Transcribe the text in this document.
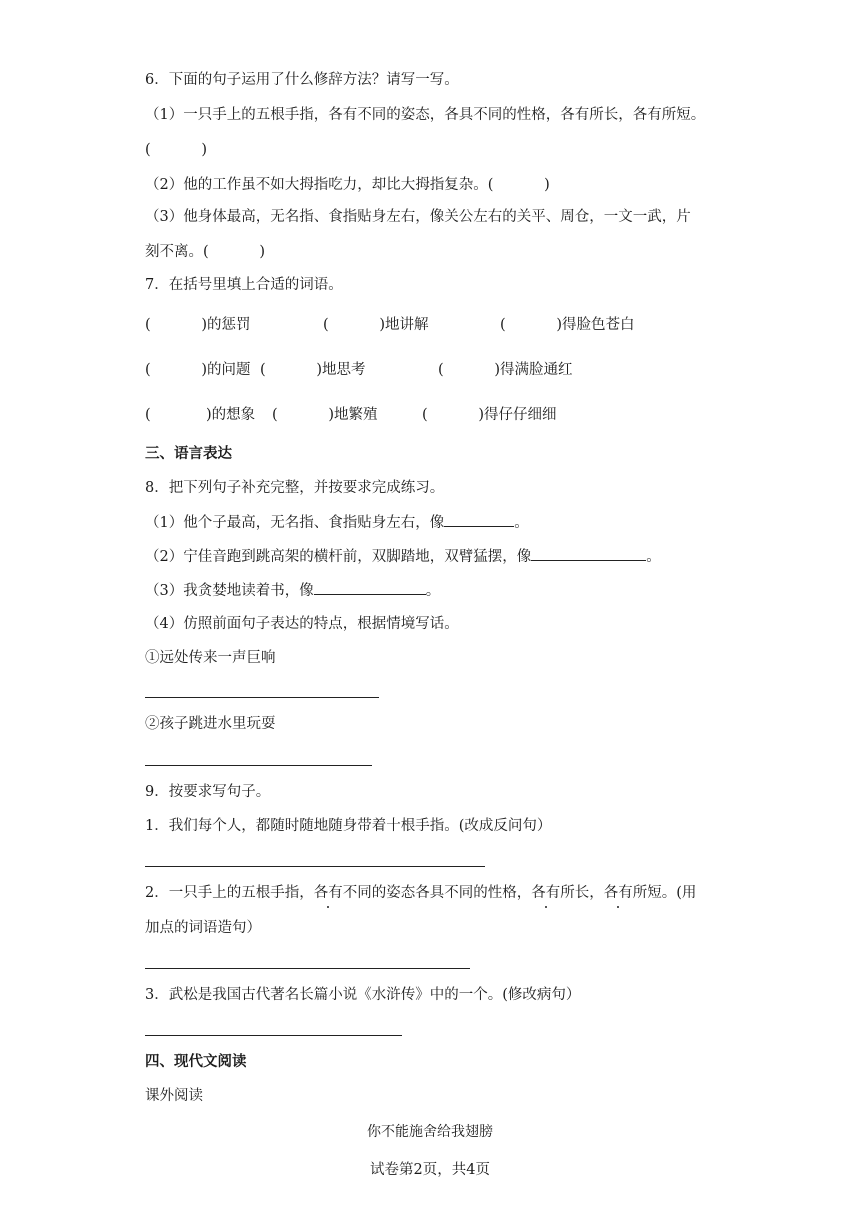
6．下面的句子运用了什么修辞方法？请写一写。
（1）一只手上的五根手指，各有不同的姿态，各具不同的性格，各有所长，各有所短。
(           )
（2）他的工作虽不如大拇指吃力，却比大拇指复杂。(           )
（3）他身体最高，无名指、食指贴身左右，像关公左右的关平、周仓，一文一武，片
刻不离。(           )
7．在括号里填上合适的词语。
(           )的惩罚	(           )地讲解	(           )得脸色苍白
(           )的问题 (           )地思考	(           )得满脸通红
(            )的想象 (           )地繁殖	(           )得仔仔细细
三、语言表达
8．把下列句子补充完整，并按要求完成练习。
（1）他个子最高，无名指、食指贴身左右，像	。
（2）宁佳音跑到跳高架的横杆前，双脚踏地，双臂猛摆，像	。
（3）我贪婪地读着书，像	。
（4）仿照前面句子表达的特点，根据情境写话。
①远处传来一声巨响
②孩子跳进水里玩耍
9．按要求写句子。
1．我们每个人，都随时随地随身带着十根手指。(改成反问句）
2．一只手上的五根手指，各有不同的姿态各具不同的性格，各有所长，各有所短。(用
加点的词语造句）
3．武松是我国古代著名长篇小说《水浒传》中的一个。(修改病句）
四、现代文阅读
课外阅读
你不能施舍给我翅膀
试卷第2页，共4页
